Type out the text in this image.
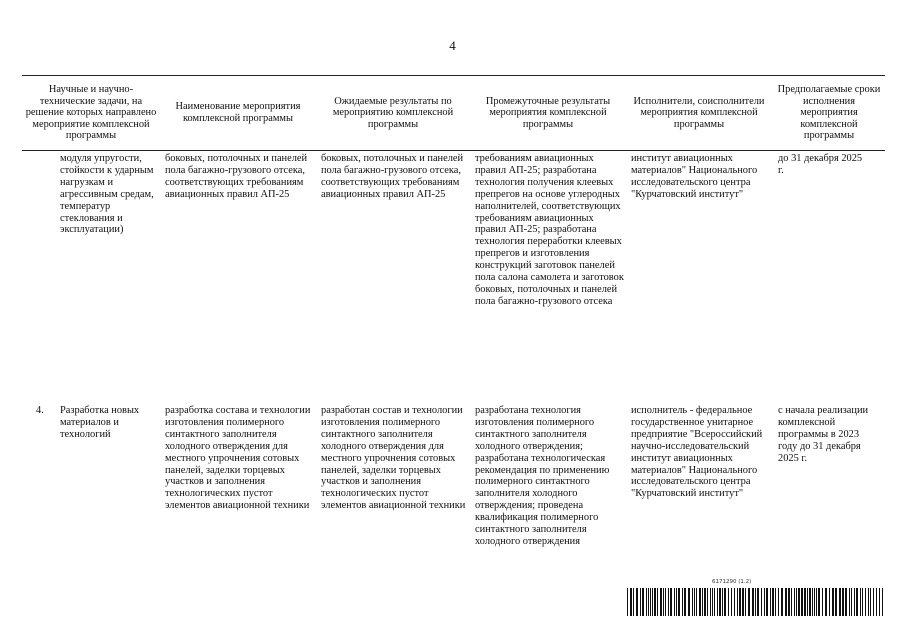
4
Научные и научно-технические задачи, на решение которых направлено мероприятие комплексной программы
Наименование мероприятия комплексной программы
Ожидаемые результаты по мероприятию комплексной программы
Промежуточные результаты мероприятия комплексной программы
Исполнители, соисполнители мероприятия комплексной программы
Предполагаемые сроки исполнения мероприятия комплексной программы
модуля упругости, стойкости к ударным нагрузкам и агрессивным средам, температур стеклования и эксплуатации)
боковых, потолочных и панелей пола багажно-грузового отсека, соответствующих требованиям авиационных правил АП-25
боковых, потолочных и панелей пола багажно-грузового отсека, соответствующих требованиям авиационных правил АП-25
требованиям авиационных правил АП-25; разработана технология получения клеевых препрегов на основе углеродных наполнителей, соответствующих требованиям авиационных правил АП-25; разработана технология переработки клеевых препрегов и изготовления конструкций заготовок панелей пола салона самолета и заготовок боковых, потолочных и панелей пола багажно-грузового отсека
институт авиационных материалов" Национального исследовательского центра "Курчатовский институт"
до 31 декабря 2025 г.
4.	Разработка новых материалов и технологий
разработка состава и технологии изготовления полимерного синтактного заполнителя холодного отверждения для местного упрочнения сотовых панелей, заделки торцевых участков и заполнения технологических пустот элементов авиационной техники
разработан состав и технологии изготовления полимерного синтактного заполнителя холодного отверждения для местного упрочнения сотовых панелей, заделки торцевых участков и заполнения технологических пустот элементов авиационной техники
разработана технология изготовления полимерного синтактного заполнителя холодного отверждения; разработана технологическая рекомендация по применению полимерного синтактного заполнителя холодного отверждения; проведена квалификация полимерного синтактного заполнителя холодного отверждения
исполнитель - федеральное государственное унитарное предприятие "Всероссийский научно-исследовательский институт авиационных материалов" Национального исследовательского центра "Курчатовский институт"
с начала реализации комплексной программы в 2023 году до 31 декабря 2025 г.
6171290 (1.2)
